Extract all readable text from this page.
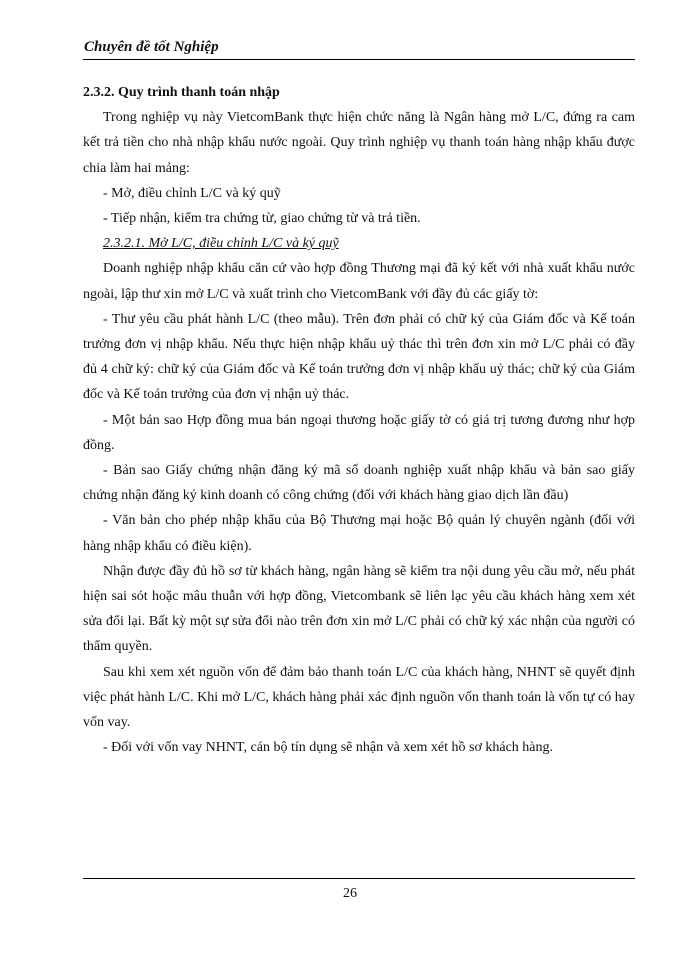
Chuyên đề tốt Nghiệp

2.3.2. Quy trình thanh toán nhập

Trong nghiệp vụ này VietcomBank thực hiện chức năng là Ngân hàng mở L/C, đứng ra cam kết trả tiền cho nhà nhập khẩu nước ngoài. Quy trình nghiệp vụ thanh toán hàng nhập khẩu được chia làm hai mảng:

- Mở, điều chỉnh L/C và ký quỹ

- Tiếp nhận, kiểm tra chứng từ, giao chứng từ và trả tiền.

2.3.2.1. Mở L/C, điều chỉnh L/C và ký quỹ

Doanh nghiệp nhập khẩu căn cứ vào hợp đồng Thương mại đã ký kết với nhà xuất khẩu nước ngoài, lập thư xin mở L/C và xuất trình cho VietcomBank với đầy đủ các giấy tờ:

- Thư yêu cầu phát hành L/C (theo mẫu). Trên đơn phải có chữ ký của Giám đốc và Kế toán trưởng đơn vị nhập khẩu. Nếu thực hiện nhập khẩu uỷ thác thì trên đơn xin mở L/C phải có đầy đủ 4 chữ ký: chữ ký của Giám đốc và Kế toán trưởng đơn vị nhập khẩu uỷ thác; chữ ký của Giám đốc và Kế toán trưởng của đơn vị nhận uỷ thác.

- Một bản sao Hợp đồng mua bán ngoại thương hoặc giấy tờ có giá trị tương đương như hợp đồng.

- Bản sao Giấy chứng nhận đăng ký mã số doanh nghiệp xuất nhập khẩu và bản sao giấy chứng nhận đăng ký kinh doanh có công chứng (đối với khách hàng giao dịch lần đầu)

- Văn bản cho phép nhập khẩu của Bộ Thương mại hoặc Bộ quản lý chuyên ngành (đối với hàng nhập khẩu có điều kiện).

Nhận được đầy đủ hồ sơ từ khách hàng, ngân hàng sẽ kiểm tra nội dung yêu cầu mở, nếu phát hiện sai sót hoặc mâu thuẫn với hợp đồng, Vietcombank sẽ liên lạc yêu cầu khách hàng xem xét sửa đổi lại. Bất kỳ một sự sửa đổi nào trên đơn xin mở L/C phải có chữ ký xác nhận của người có thẩm quyền.

Sau khi xem xét nguồn vốn để đảm bảo thanh toán L/C của khách hàng, NHNT sẽ quyết định việc phát hành L/C. Khi mở L/C, khách hàng phải xác định nguồn vốn thanh toán là vốn tự có hay vốn vay.

- Đối với vốn vay NHNT, cán bộ tín dụng sẽ nhận và xem xét hồ sơ khách hàng.

26
